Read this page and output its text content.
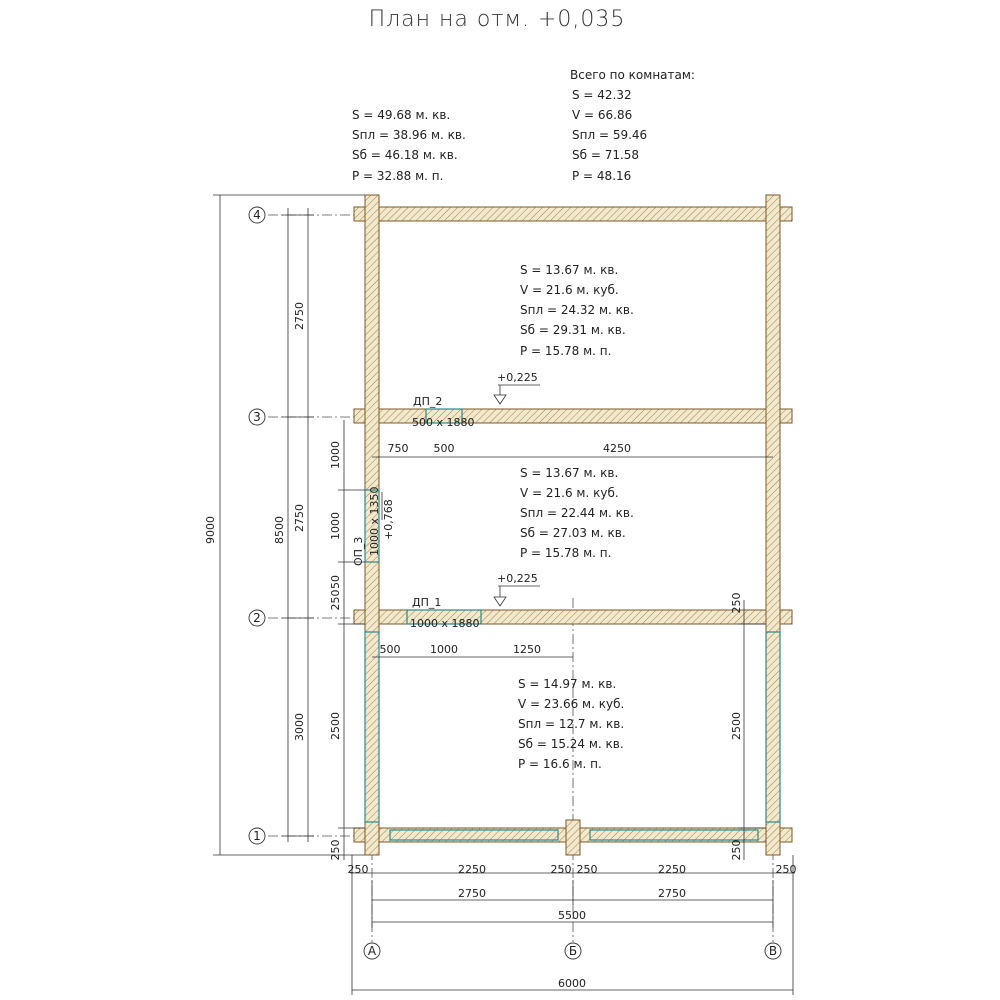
План на отм. +0,035
S = 49.68 м. кв.
Sпл = 38.96 м. кв.
Sб = 46.18 м. кв.
P = 32.88 м. п.
Всего по комнатам:
S = 42.32
V = 66.86
Sпл = 59.46
Sб = 71.58
P = 48.16
S = 13.67 м. кв.
V = 21.6 м. куб.
Sпл = 24.32 м. кв.
Sб = 29.31 м. кв.
P = 15.78 м. п.
S = 13.67 м. кв.
V = 21.6 м. куб.
Sпл = 22.44 м. кв.
Sб = 27.03 м. кв.
P = 15.78 м. п.
S = 14.97 м. кв.
V = 23.66 м. куб.
Sпл = 12.7 м. кв.
Sб = 15.24 м. кв.
P = 16.6 м. п.
+0,225
+0,225
ДП_2
500 х 1880
ДП_1
1000 х 1880
ОП_3 1000 х 1350 +0,768
4
3
2
1
А	Б	В
9000	8500
2750
2750
3000
1000
1000
250
50
2500
250
250
2500
250
750 500	4250
500	1000	1250
250	2250	250 250	2250	250
2750	2750
5500
6000
